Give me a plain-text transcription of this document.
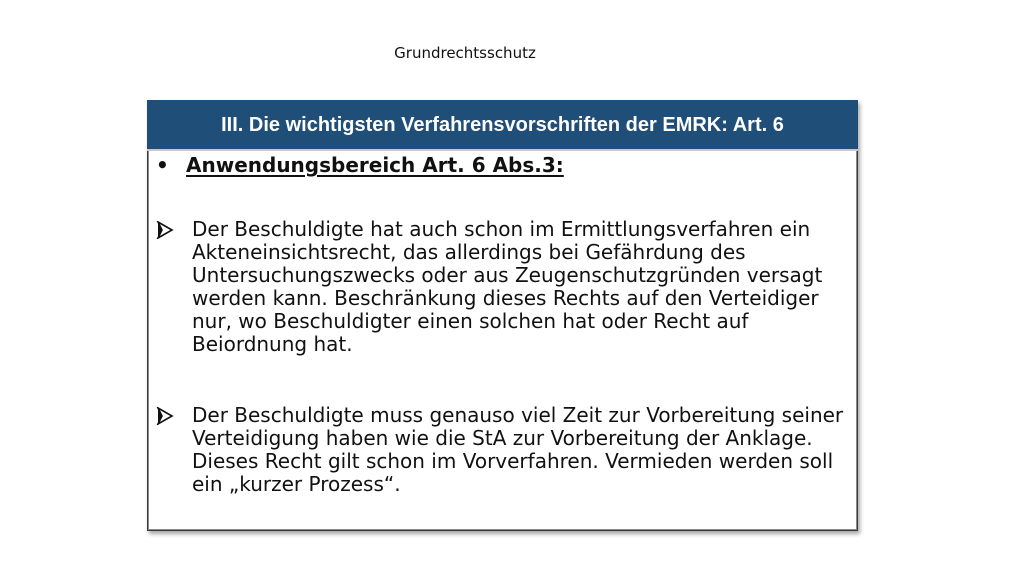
Grundrechtsschutz
III. Die wichtigsten Verfahrensvorschriften der EMRK: Art. 6
• Anwendungsbereich Art. 6 Abs.3:
Der Beschuldigte hat auch schon im Ermittlungsverfahren ein Akteneinsichtsrecht, das allerdings bei Gefährdung des Untersuchungszwecks oder aus Zeugenschutzgründen versagt werden kann. Beschränkung dieses Rechts auf den Verteidiger nur, wo Beschuldigter einen solchen hat oder Recht auf Beiordnung hat.
Der Beschuldigte muss genauso viel Zeit zur Vorbereitung seiner Verteidigung haben wie die StA zur Vorbereitung der Anklage. Dieses Recht gilt schon im Vorverfahren. Vermieden werden soll ein „kurzer Prozess“.
